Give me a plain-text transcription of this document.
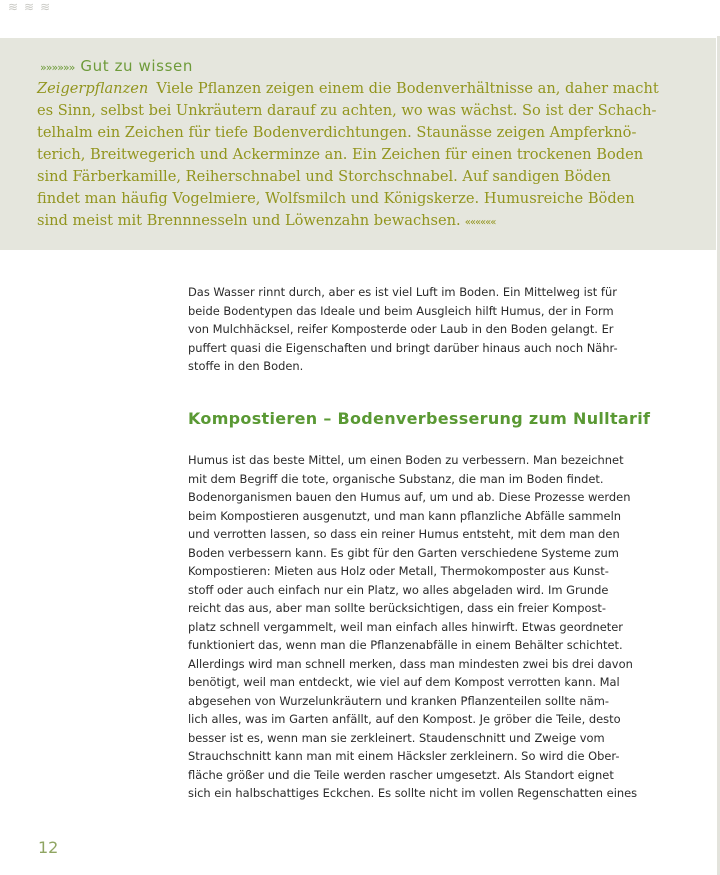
≋≋≋
»»»»»» Gut zu wissen
Zeigerpflanzen Viele Pflanzen zeigen einem die Bodenverhältnisse an, daher macht
es Sinn, selbst bei Unkräutern darauf zu achten, wo was wächst. So ist der Schach-
telhalm ein Zeichen für tiefe Bodenverdichtungen. Staunässe zeigen Ampferknö-
terich, Breitwegerich und Ackerminze an. Ein Zeichen für einen trockenen Boden
sind Färberkamille, Reiherschnabel und Storchschnabel. Auf sandigen Böden
findet man häufig Vogelmiere, Wolfsmilch und Königskerze. Humusreiche Böden
sind meist mit Brennnesseln und Löwenzahn bewachsen. ««««««
Das Wasser rinnt durch, aber es ist viel Luft im Boden. Ein Mittelweg ist für
beide Bodentypen das Ideale und beim Ausgleich hilft Humus, der in Form
von Mulchhäcksel, reifer Komposterde oder Laub in den Boden gelangt. Er
puffert quasi die Eigenschaften und bringt darüber hinaus auch noch Nähr-
stoffe in den Boden.
Kompostieren – Bodenverbesserung zum Nulltarif
Humus ist das beste Mittel, um einen Boden zu verbessern. Man bezeichnet
mit dem Begriff die tote, organische Substanz, die man im Boden findet.
Bodenorganismen bauen den Humus auf, um und ab. Diese Prozesse werden
beim Kompostieren ausgenutzt, und man kann pflanzliche Abfälle sammeln
und verrotten lassen, so dass ein reiner Humus entsteht, mit dem man den
Boden verbessern kann. Es gibt für den Garten verschiedene Systeme zum
Kompostieren: Mieten aus Holz oder Metall, Thermokomposter aus Kunst-
stoff oder auch einfach nur ein Platz, wo alles abgeladen wird. Im Grunde
reicht das aus, aber man sollte berücksichtigen, dass ein freier Kompost-
platz schnell vergammelt, weil man einfach alles hinwirft. Etwas geordneter
funktioniert das, wenn man die Pflanzenabfälle in einem Behälter schichtet.
Allerdings wird man schnell merken, dass man mindesten zwei bis drei davon
benötigt, weil man entdeckt, wie viel auf dem Kompost verrotten kann. Mal
abgesehen von Wurzelunkräutern und kranken Pflanzenteilen sollte näm-
lich alles, was im Garten anfällt, auf den Kompost. Je gröber die Teile, desto
besser ist es, wenn man sie zerkleinert. Staudenschnitt und Zweige vom
Strauchschnitt kann man mit einem Häcksler zerkleinern. So wird die Ober-
fläche größer und die Teile werden rascher umgesetzt. Als Standort eignet
sich ein halbschattiges Eckchen. Es sollte nicht im vollen Regenschatten eines
12
